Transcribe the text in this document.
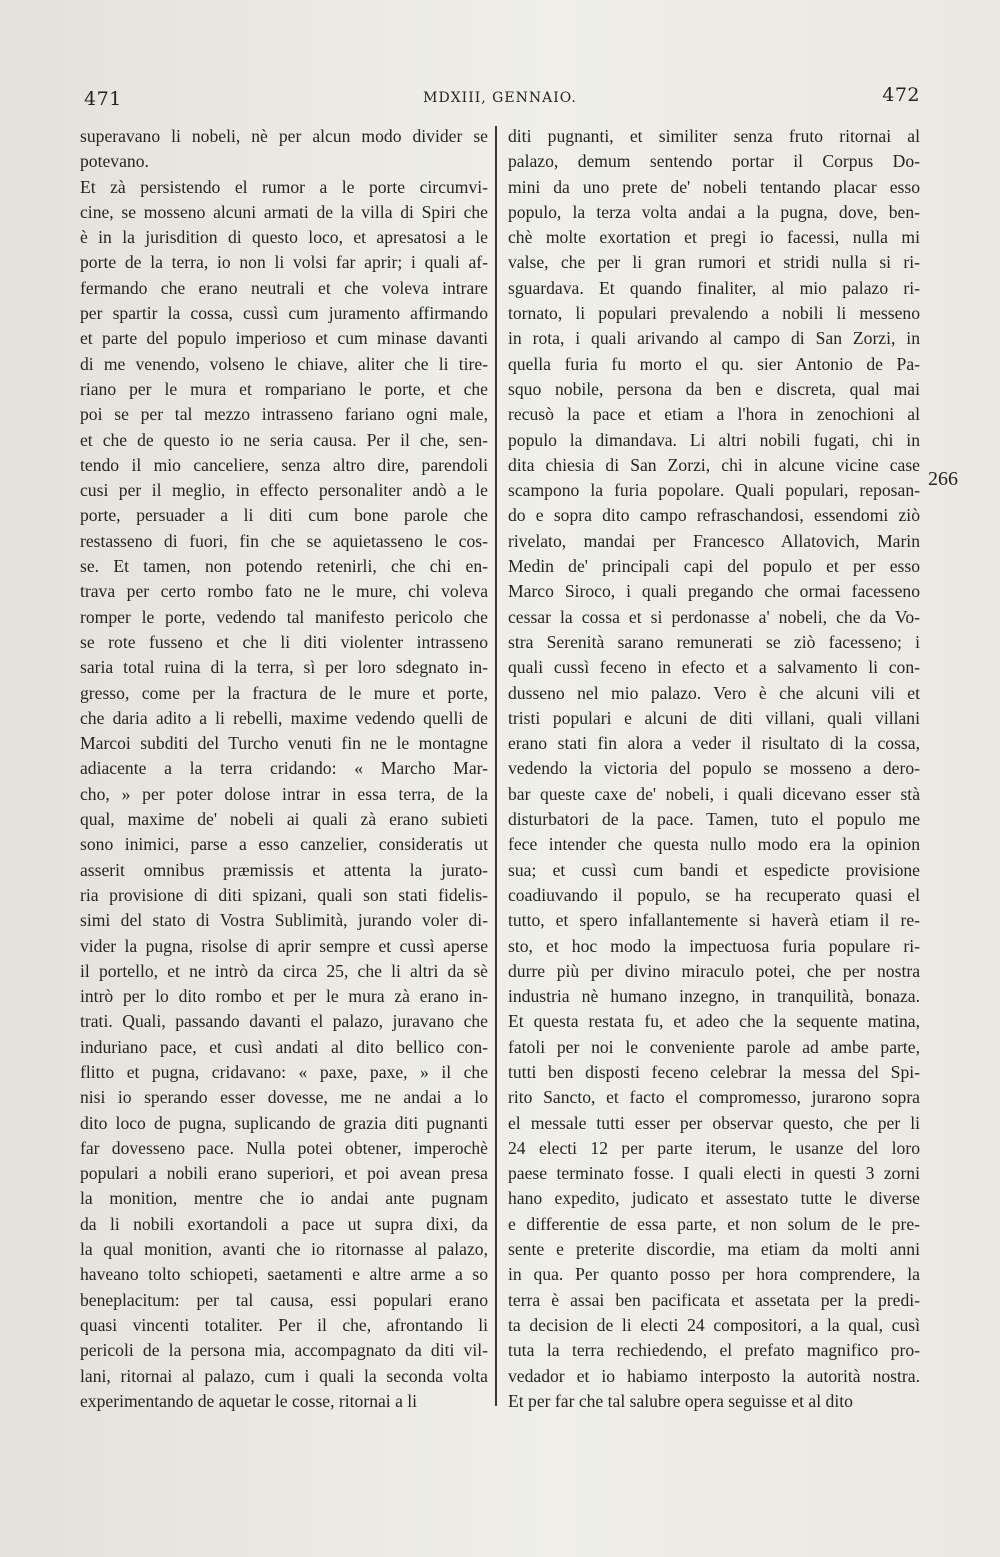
471	MDXIII, GENNAIO.	472
superavano li nobeli, nè per alcun modo divider se
potevano.
Et zà persistendo el rumor a le porte circumvi-
cine, se mosseno alcuni armati de la villa di Spiri che
è in la jurisdition di questo loco, et apresatosi a le
porte de la terra, io non li volsi far aprir; i quali af-
fermando che erano neutrali et che voleva intrare
per spartir la cossa, cussì cum juramento affirmando
et parte del populo imperioso et cum minase davanti
di me venendo, volseno le chiave, aliter che li tire-
riano per le mura et rompariano le porte, et che
poi se per tal mezzo intrasseno fariano ogni male,
et che de questo io ne seria causa. Per il che, sen-
tendo il mio canceliere, senza altro dire, parendoli
cusi per il meglio, in effecto personaliter andò a le
porte, persuader a li diti cum bone parole che
restasseno di fuori, fin che se aquietasseno le cos-
se. Et tamen, non potendo retenirli, che chi en-
trava per certo rombo fato ne le mure, chi voleva
romper le porte, vedendo tal manifesto pericolo che
se rote fusseno et che li diti violenter intrasseno
saria total ruina di la terra, sì per loro sdegnato in-
gresso, come per la fractura de le mure et porte,
che daria adito a li rebelli, maxime vedendo quelli de
Marcoi subditi del Turcho venuti fin ne le montagne
adiacente a la terra cridando: « Marcho Mar-
cho, » per poter dolose intrar in essa terra, de la
qual, maxime de' nobeli ai quali zà erano subieti
sono inimici, parse a esso canzelier, consideratis ut
asserit omnibus præmissis et attenta la jurato-
ria provisione di diti spizani, quali son stati fidelis-
simi del stato di Vostra Sublimità, jurando voler di-
vider la pugna, risolse di aprir sempre et cussì aperse
il portello, et ne intrò da circa 25, che li altri da sè
intrò per lo dito rombo et per le mura zà erano in-
trati. Quali, passando davanti el palazo, juravano che
induriano pace, et cusì andati al dito bellico con-
flitto et pugna, cridavano: « paxe, paxe, » il che
nisi io sperando esser dovesse, me ne andai a lo
dito loco de pugna, suplicando de grazia diti pugnanti
far dovesseno pace. Nulla potei obtener, imperochè
populari a nobili erano superiori, et poi avean presa
la monition, mentre che io andai ante pugnam
da li nobili exortandoli a pace ut supra dixi, da
la qual monition, avanti che io ritornasse al palazo,
haveano tolto schiopeti, saetamenti e altre arme a so
beneplacitum: per tal causa, essi populari erano
quasi vincenti totaliter. Per il che, afrontando li
pericoli de la persona mia, accompagnato da diti vil-
lani, ritornai al palazo, cum i quali la seconda volta
experimentando de aquetar le cosse, ritornai a li
diti pugnanti, et similiter senza fruto ritornai al
palazo, demum sentendo portar il Corpus Do-
mini da uno prete de' nobeli tentando placar esso
populo, la terza volta andai a la pugna, dove, ben-
chè molte exortation et pregi io facessi, nulla mi
valse, che per li gran rumori et stridi nulla si ri-
sguardava. Et quando finaliter, al mio palazo ri-
tornato, li populari prevalendo a nobili li messeno
in rota, i quali arivando al campo di San Zorzi, in
quella furia fu morto el qu. sier Antonio de Pa-
squo nobile, persona da ben e discreta, qual mai
recusò la pace et etiam a l'hora in zenochioni al
populo la dimandava. Li altri nobili fugati, chi in
dita chiesia di San Zorzi, chi in alcune vicine case
scampono la furia popolare. Quali populari, reposan-
do e sopra dito campo refraschandosi, essendomi ziò
rivelato, mandai per Francesco Allatovich, Marin
Medin de' principali capi del populo et per esso
Marco Siroco, i quali pregando che ormai facesseno
cessar la cossa et si perdonasse a' nobeli, che da Vo-
stra Serenità sarano remunerati se ziò facesseno; i
quali cussì feceno in efecto et a salvamento li con-
dusseno nel mio palazo. Vero è che alcuni vili et
tristi populari e alcuni de diti villani, quali villani
erano stati fin alora a veder il risultato di la cossa,
vedendo la victoria del populo se mosseno a dero-
bar queste caxe de' nobeli, i quali dicevano esser stà
disturbatori de la pace. Tamen, tuto el populo me
fece intender che questa nullo modo era la opinion
sua; et cussì cum bandi et espedicte provisione
coadiuvando il populo, se ha recuperato quasi el
tutto, et spero infallantemente si haverà etiam il re-
sto, et hoc modo la impectuosa furia populare ri-
durre più per divino miraculo potei, che per nostra
industria nè humano inzegno, in tranquilità, bonaza.
Et questa restata fu, et adeo che la sequente matina,
fatoli per noi le conveniente parole ad ambe parte,
tutti ben disposti feceno celebrar la messa del Spi-
rito Sancto, et facto el compromesso, jurarono sopra
el messale tutti esser per observar questo, che per li
24 electi 12 per parte iterum, le usanze del loro
paese terminato fosse. I quali electi in questi 3 zorni
hano expedito, judicato et assestato tutte le diverse
e differentie de essa parte, et non solum de le pre-
sente e preterite discordie, ma etiam da molti anni
in qua. Per quanto posso per hora comprendere, la
terra è assai ben pacificata et assetata per la predi-
ta decision de li electi 24 compositori, a la qual, cusì
tuta la terra rechiedendo, el prefato magnifico pro-
vedador et io habiamo interposto la autorità nostra.
Et per far che tal salubre opera seguisse et al dito
266
